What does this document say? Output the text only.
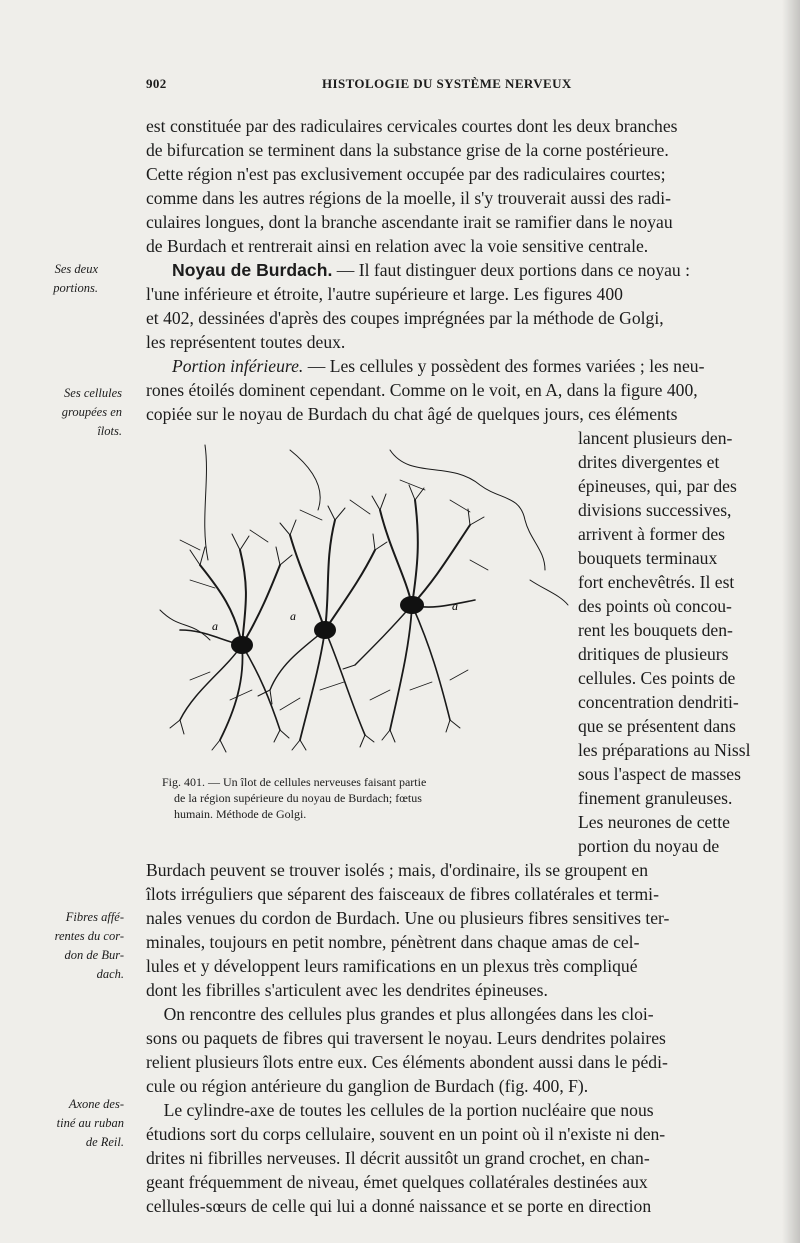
902	HISTOLOGIE DU SYSTÈME NERVEUX
Ses deux
portions.
Ses cellules
groupées en
îlots.
Fibres affé-
rentes du cor-
don de Bur-
dach.
Axone des-
tiné au ruban
de Reil.
est constituée par des radiculaires cervicales courtes dont les deux branches
de bifurcation se terminent dans la substance grise de la corne postérieure.
Cette région n'est pas exclusivement occupée par des radiculaires courtes;
comme dans les autres régions de la moelle, il s'y trouverait aussi des radi-
culaires longues, dont la branche ascendante irait se ramifier dans le noyau
de Burdach et rentrerait ainsi en relation avec la voie sensitive centrale.
Noyau de Burdach. — Il faut distinguer deux portions dans ce noyau :
l'une inférieure et étroite, l'autre supérieure et large. Les figures 400
et 402, dessinées d'après des coupes imprégnées par la méthode de Golgi,
les représentent toutes deux.
Portion inférieure. — Les cellules y possèdent des formes variées ; les neu-
rones étoilés dominent cependant. Comme on le voit, en A, dans la figure 400,
copiée sur le noyau de Burdach du chat âgé de quelques jours, ces éléments
lancent plusieurs den-
drites divergentes et
épineuses, qui, par des
divisions successives,
arrivent à former des
bouquets terminaux
fort enchevêtrés. Il est
des points où concou-
rent les bouquets den-
dritiques de plusieurs
cellules. Ces points de
concentration dendriti-
que se présentent dans
les préparations au Nissl
sous l'aspect de masses
finement granuleuses.
Les neurones de cette
portion du noyau de
a
a
a
Fig. 401. — Un îlot de cellules nerveuses faisant partie
de la région supérieure du noyau de Burdach; fœtus
humain. Méthode de Golgi.
Burdach peuvent se trouver isolés ; mais, d'ordinaire, ils se groupent en
îlots irréguliers que séparent des faisceaux de fibres collatérales et termi-
nales venues du cordon de Burdach. Une ou plusieurs fibres sensitives ter-
minales, toujours en petit nombre, pénètrent dans chaque amas de cel-
lules et y développent leurs ramifications en un plexus très compliqué
dont les fibrilles s'articulent avec les dendrites épineuses.
On rencontre des cellules plus grandes et plus allongées dans les cloi-
sons ou paquets de fibres qui traversent le noyau. Leurs dendrites polaires
relient plusieurs îlots entre eux. Ces éléments abondent aussi dans le pédi-
cule ou région antérieure du ganglion de Burdach (fig. 400, F).
Le cylindre-axe de toutes les cellules de la portion nucléaire que nous
étudions sort du corps cellulaire, souvent en un point où il n'existe ni den-
drites ni fibrilles nerveuses. Il décrit aussitôt un grand crochet, en chan-
geant fréquemment de niveau, émet quelques collatérales destinées aux
cellules-sœurs de celle qui lui a donné naissance et se porte en direction
